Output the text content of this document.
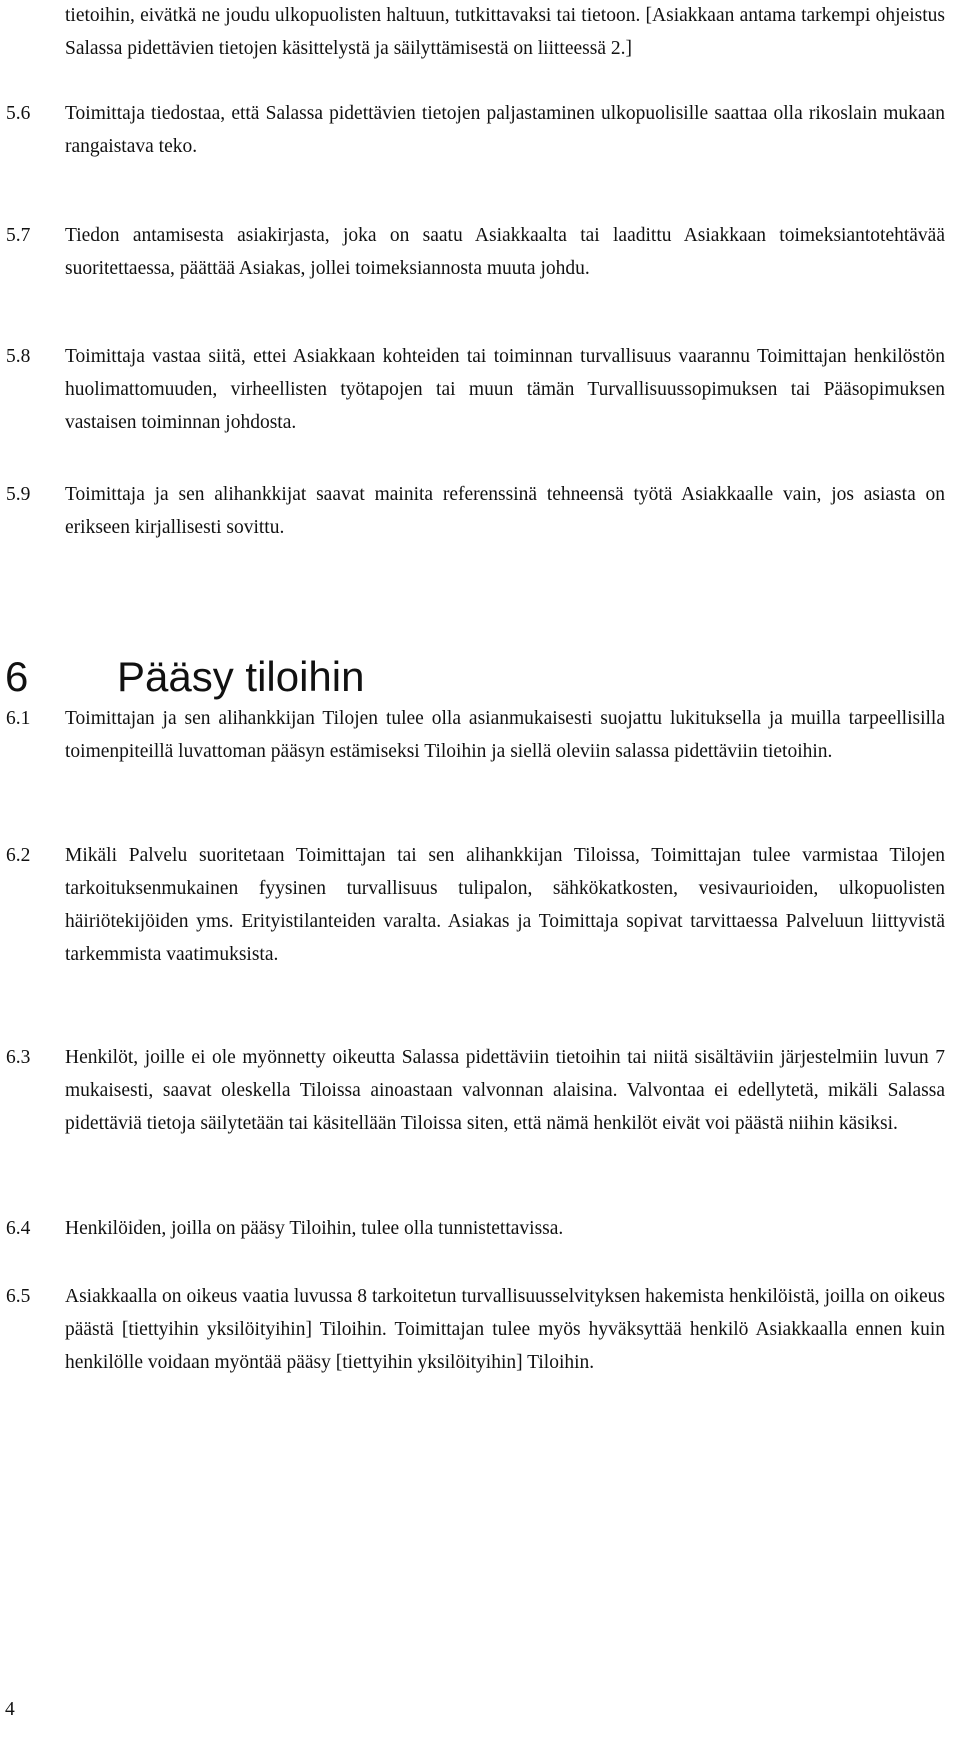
tietoihin, eivätkä ne joudu ulkopuolisten haltuun, tutkittavaksi tai tietoon. [Asiakkaan antama tarkempi ohjeistus Salassa pidettävien tietojen käsittelystä ja säilyttämisestä on liitteessä 2.]
5.6 Toimittaja tiedostaa, että Salassa pidettävien tietojen paljastaminen ulkopuolisille saattaa olla rikoslain mukaan rangaistava teko.
5.7 Tiedon antamisesta asiakirjasta, joka on saatu Asiakkaalta tai laadittu Asiakkaan toimeksiantotehtävää suoritettaessa, päättää Asiakas, jollei toimeksiannosta muuta johdu.
5.8 Toimittaja vastaa siitä, ettei Asiakkaan kohteiden tai toiminnan turvallisuus vaarannu Toimittajan henkilöstön huolimattomuuden, virheellisten työtapojen tai muun tämän Turvallisuussopimuksen tai Pääsopimuksen vastaisen toiminnan johdosta.
5.9 Toimittaja ja sen alihankkijat saavat mainita referenssinä tehneensä työtä Asiakkaalle vain, jos asiasta on erikseen kirjallisesti sovittu.
6 Pääsy tiloihin
6.1 Toimittajan ja sen alihankkijan Tilojen tulee olla asianmukaisesti suojattu lukituksella ja muilla tarpeellisilla toimenpiteillä luvattoman pääsyn estämiseksi Tiloihin ja siellä oleviin salassa pidettäviin tietoihin.
6.2 Mikäli Palvelu suoritetaan Toimittajan tai sen alihankkijan Tiloissa, Toimittajan tulee varmistaa Tilojen tarkoituksenmukainen fyysinen turvallisuus tulipalon, sähkökatkosten, vesivaurioiden, ulkopuolisten häiriötekijöiden yms. Erityistilanteiden varalta. Asiakas ja Toimittaja sopivat tarvittaessa Palveluun liittyvistä tarkemmista vaatimuksista.
6.3 Henkilöt, joille ei ole myönnetty oikeutta Salassa pidettäviin tietoihin tai niitä sisältäviin järjestelmiin luvun 7 mukaisesti, saavat oleskella Tiloissa ainoastaan valvonnan alaisina. Valvontaa ei edellytetä, mikäli Salassa pidettäviä tietoja säilytetään tai käsitellään Tiloissa siten, että nämä henkilöt eivät voi päästä niihin käsiksi.
6.4 Henkilöiden, joilla on pääsy Tiloihin, tulee olla tunnistettavissa.
6.5 Asiakkaalla on oikeus vaatia luvussa 8 tarkoitetun turvallisuusselvityksen hakemista henkilöistä, joilla on oikeus päästä [tiettyihin yksilöityihin] Tiloihin. Toimittajan tulee myös hyväksyttää henkilö Asiakkaalla ennen kuin henkilölle voidaan myöntää pääsy [tiettyihin yksilöityihin] Tiloihin.
4
